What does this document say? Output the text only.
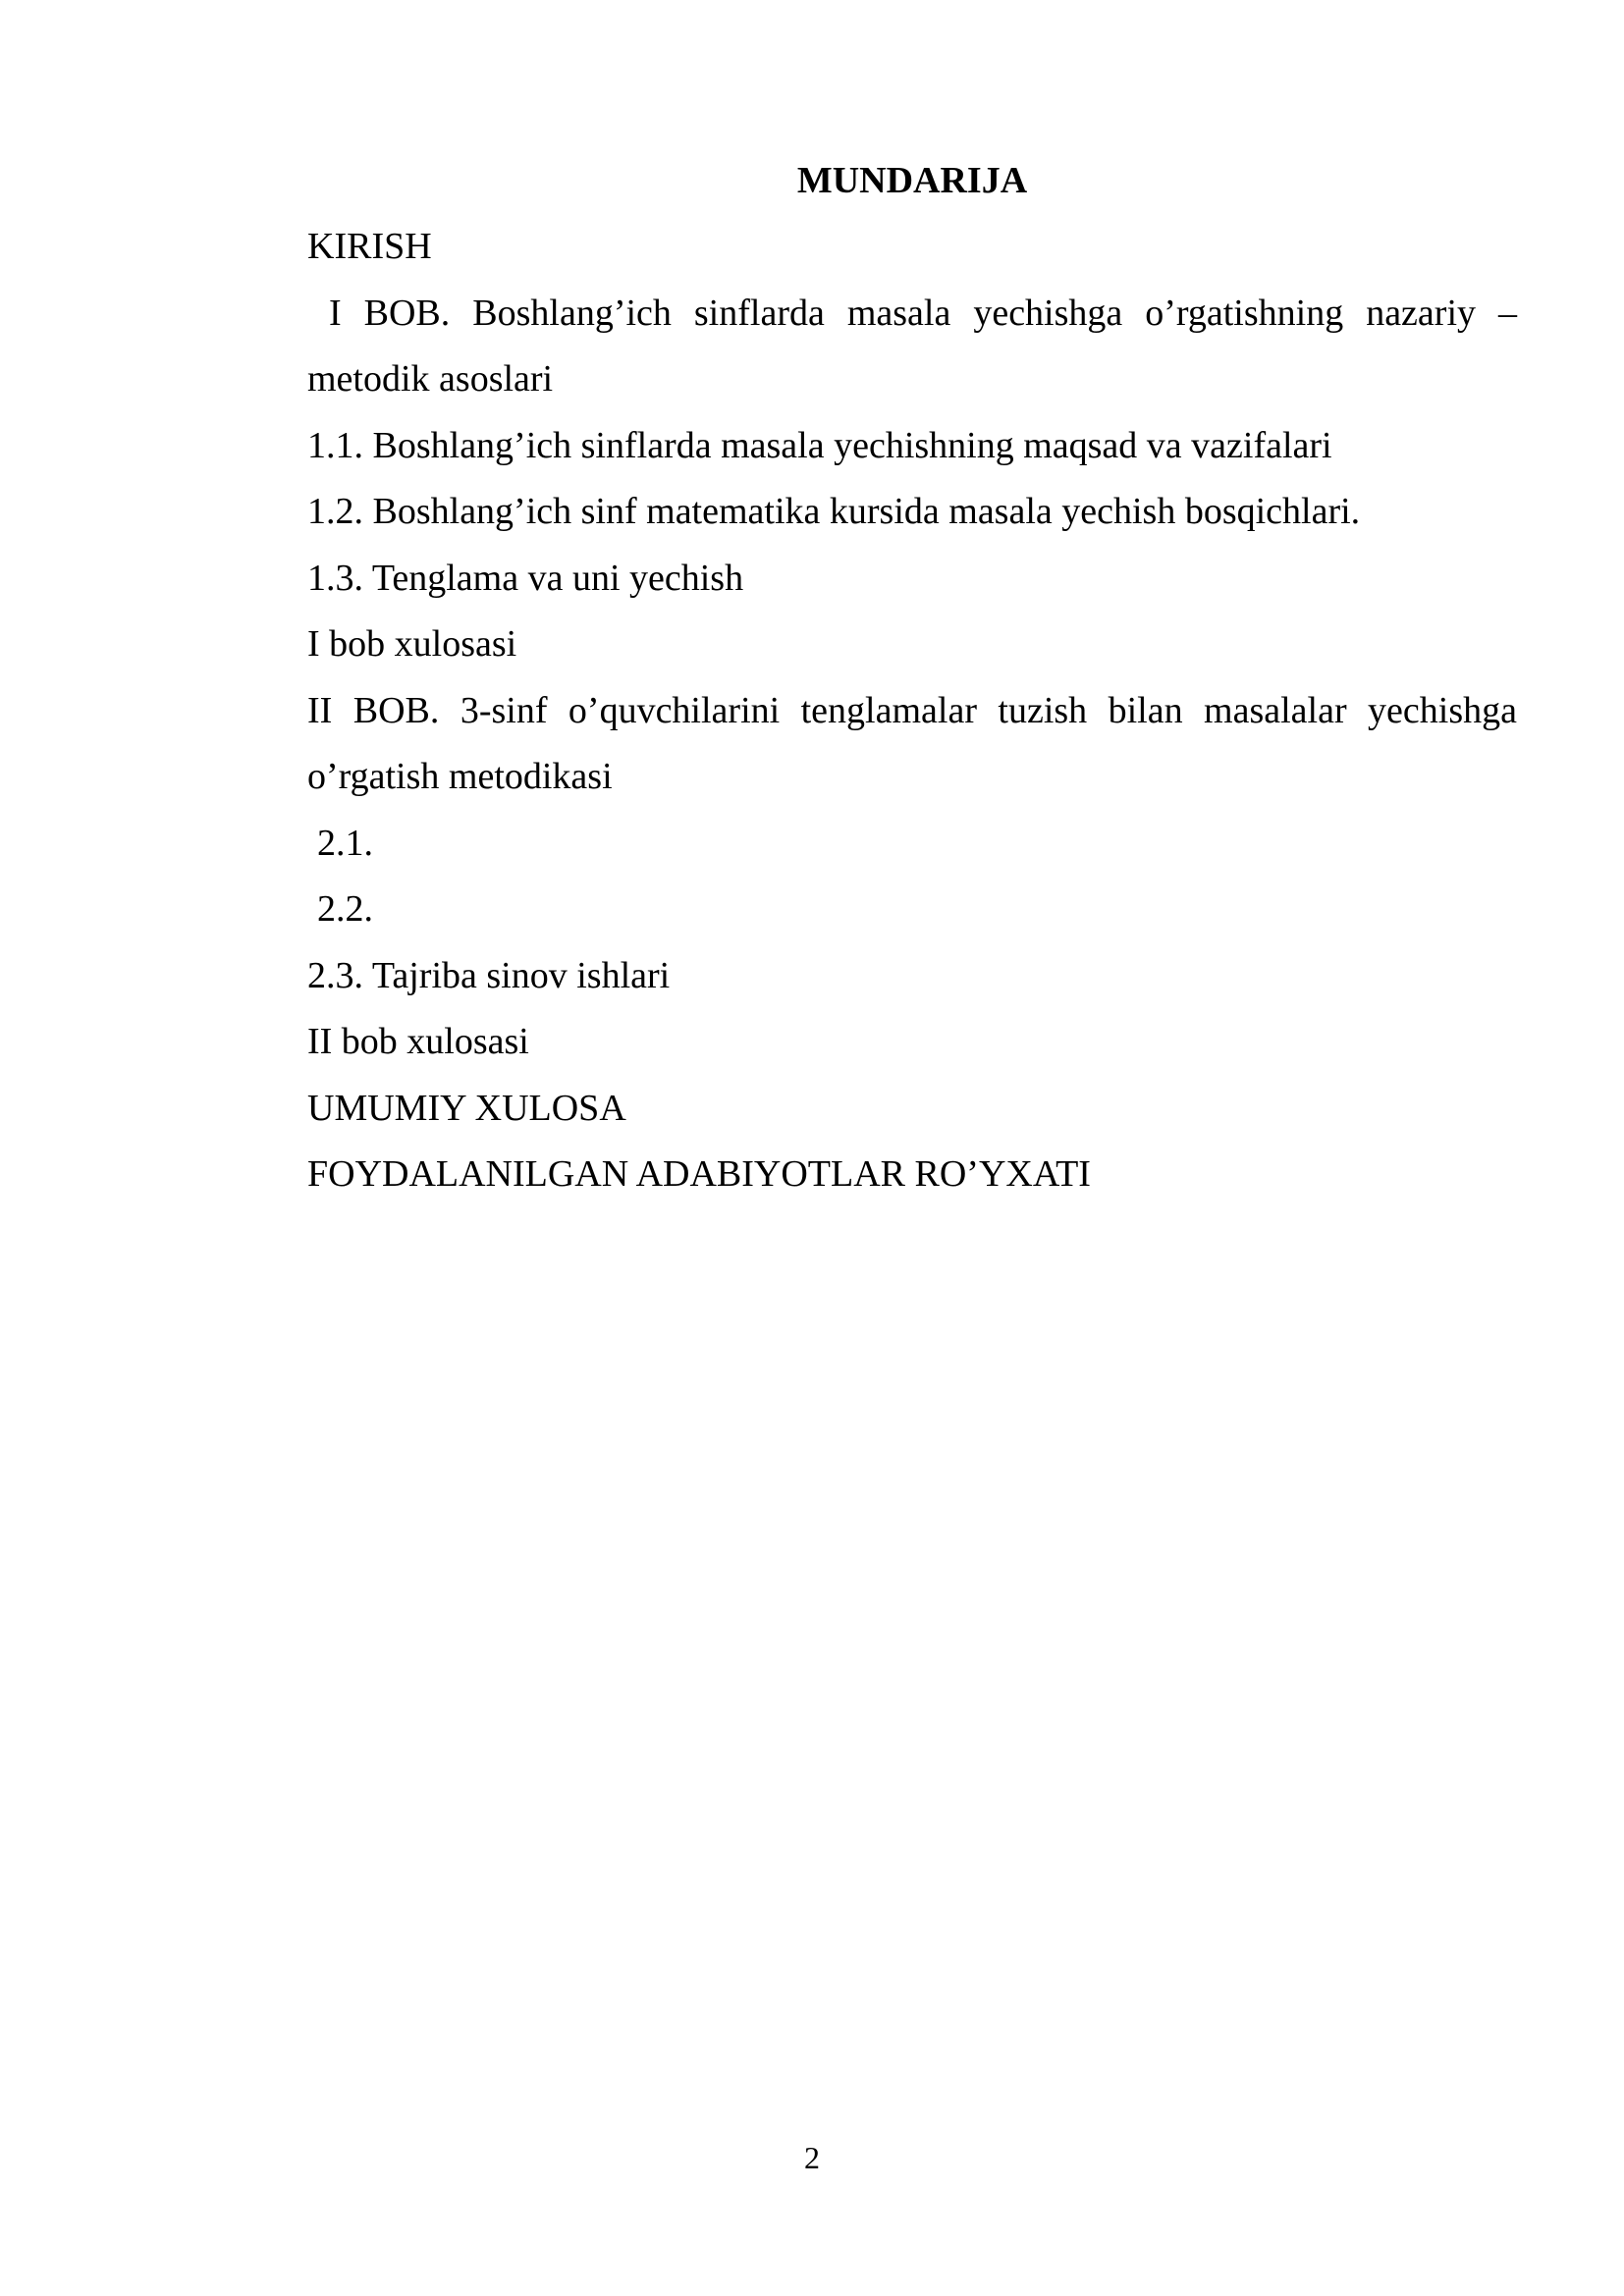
MUNDARIJA

KIRISH

I BOB. Boshlang’ich sinflarda masala yechishga o’rgatishning nazariy –

metodik asoslari

1.1. Boshlang’ich sinflarda masala yechishning maqsad va vazifalari

1.2. Boshlang’ich sinf matematika kursida masala yechish bosqichlari.

1.3. Tenglama va uni yechish

I bob xulosasi

II BOB. 3-sinf o’quvchilarini tenglamalar tuzish bilan masalalar yechishga

o’rgatish metodikasi

2.1.

2.2.

2.3. Tajriba sinov ishlari

II bob xulosasi

UMUMIY XULOSA

FOYDALANILGAN ADABIYOTLAR RO’YXATI

2
